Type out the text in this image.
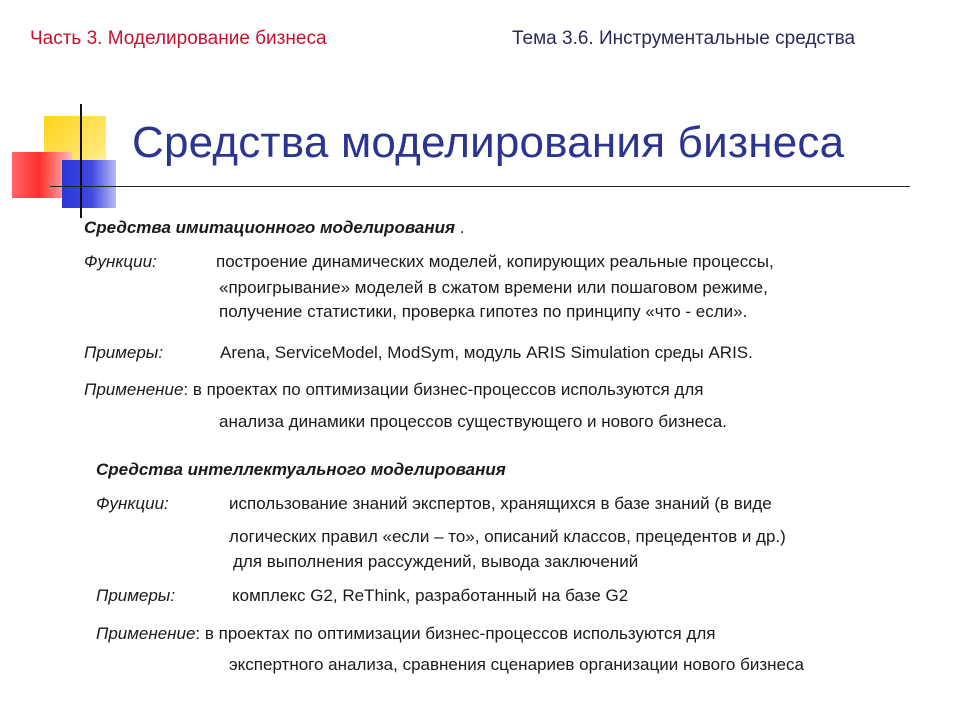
Часть 3. Моделирование бизнеса	Тема 3.6. Инструментальные средства
Средства моделирования бизнеса
Средства имитационного моделирования .
Функции:	построение динамических моделей, копирующих реальные процессы,
«проигрывание» моделей в сжатом времени или пошаговом режиме,
получение статистики, проверка гипотез по принципу «что - если».
Примеры:	Arena, ServiceModel, ModSym, модуль ARIS Simulation среды ARIS.
Применение: в проектах по оптимизации бизнес-процессов используются для
анализа динамики процессов существующего и нового бизнеса.
Средства интеллектуального моделирования
Функции:	использование знаний экспертов, хранящихся в базе знаний (в виде
логических правил «если – то», описаний классов, прецедентов и др.)
для выполнения рассуждений, вывода заключений
Примеры:	комплекс G2, ReThink, разработанный на базе G2
Применение: в проектах по оптимизации бизнес-процессов используются для
экспертного анализа, сравнения сценариев организации нового бизнеса
